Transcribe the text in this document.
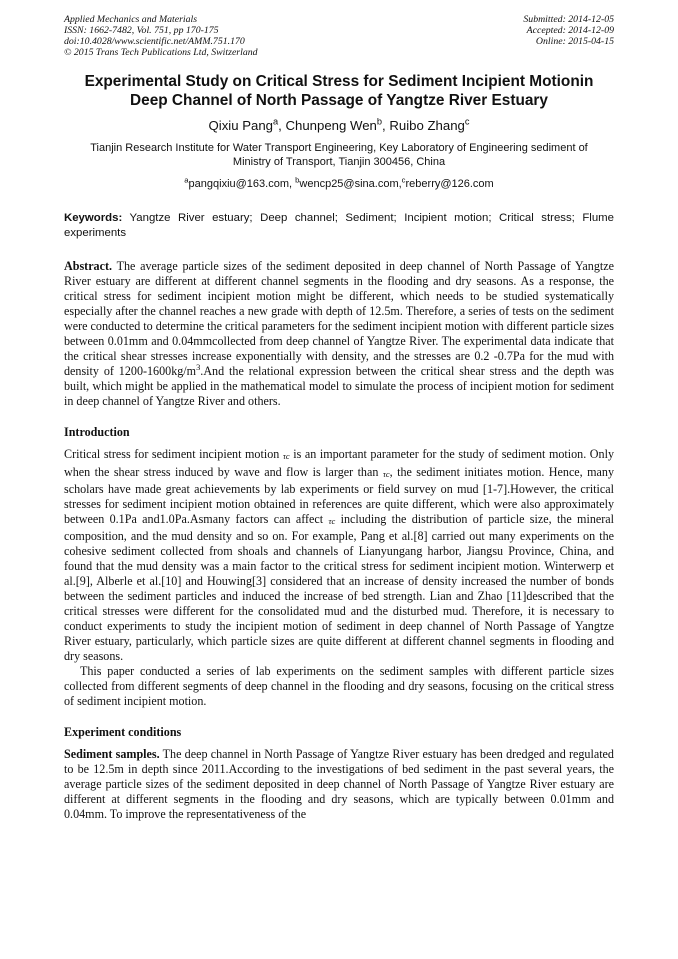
Applied Mechanics and Materials
ISSN: 1662-7482, Vol. 751, pp 170-175
doi:10.4028/www.scientific.net/AMM.751.170
© 2015 Trans Tech Publications Ltd, Switzerland
Submitted: 2014-12-05
Accepted: 2014-12-09
Online: 2015-04-15
Experimental Study on Critical Stress for Sediment Incipient Motionin Deep Channel of North Passage of Yangtze River Estuary
Qixiu Pang$^a$, Chunpeng Wen$^b$, Ruibo Zhang$^c$
Tianjin Research Institute for Water Transport Engineering, Key Laboratory of Engineering sediment of Ministry of Transport, Tianjin 300456, China
$^a$pangqixiu@163.com, $^b$wencp25@sina.com,$^c$reberry@126.com

Keywords: Yangtze River estuary; Deep channel; Sediment; Incipient motion; Critical stress; Flume experiments

Abstract. The average particle sizes of the sediment deposited in deep channel of North Passage of Yangtze River estuary are different at different channel segments in the flooding and dry seasons. As a response, the critical stress for sediment incipient motion might be different, which needs to be studied systematically especially after the channel reaches a new grade with depth of 12.5m. Therefore, a series of tests on the sediment were conducted to determine the critical parameters for the sediment incipient motion with different particle sizes between 0.01mm and 0.04mmcollected from deep channel of Yangtze River. The experimental data indicate that the critical shear stresses increase exponentially with density, and the stresses are 0.2 -0.7Pa for the mud with density of $1200-1600kg/m^3.And$ the relational expression between the critical shear stress and the depth was built, which might be applied in the mathematical model to simulate the process of incipient motion for sediment in deep channel of Yangtze River and others.

Introduction

Critical stress for sediment incipient motion τc is an important parameter for the study of sediment motion. Only when the shear stress induced by wave and flow is larger than τc, the sediment initiates motion. Hence, many scholars have made great achievements by lab experiments or field survey on mud [1-7].However, the critical stresses for sediment incipient motion obtained in references are quite different, which were also approximately between 0.1Pa and1.0Pa.Asmany factors can affect τc including the distribution of particle size, the mineral composition, and the mud density and so on. For example, Pang et al.[8] carried out many experiments on the cohesive sediment collected from shoals and channels of Lianyungang harbor, Jiangsu Province, China, and found that the mud density was a main factor to the critical stress for sediment incipient motion. Winterwerp et al.[9], Alberle et al.[10] and Houwing[3] considered that an increase of density increased the number of bonds between the sediment particles and induced the increase of bed strength. Lian and Zhao [11]described that the critical stresses were different for the consolidated mud and the disturbed mud. Therefore, it is necessary to conduct experiments to study the incipient motion of sediment in deep channel of North Passage of Yangtze River estuary, particularly, which particle sizes are quite different at different channel segments in flooding and dry seasons.

This paper conducted a series of lab experiments on the sediment samples with different particle sizes collected from different segments of deep channel in the flooding and dry seasons, focusing on the critical stress of sediment incipient motion.

Experiment conditions

Sediment samples. The deep channel in North Passage of Yangtze River estuary has been dredged and regulated to be 12.5m in depth since 2011.According to the investigations of bed sediment in the past several years, the average particle sizes of the sediment deposited in deep channel of North Passage of Yangtze River estuary are different at different segments in the flooding and dry seasons, which are typically between 0.01mm and 0.04mm. To improve the representativeness of the
